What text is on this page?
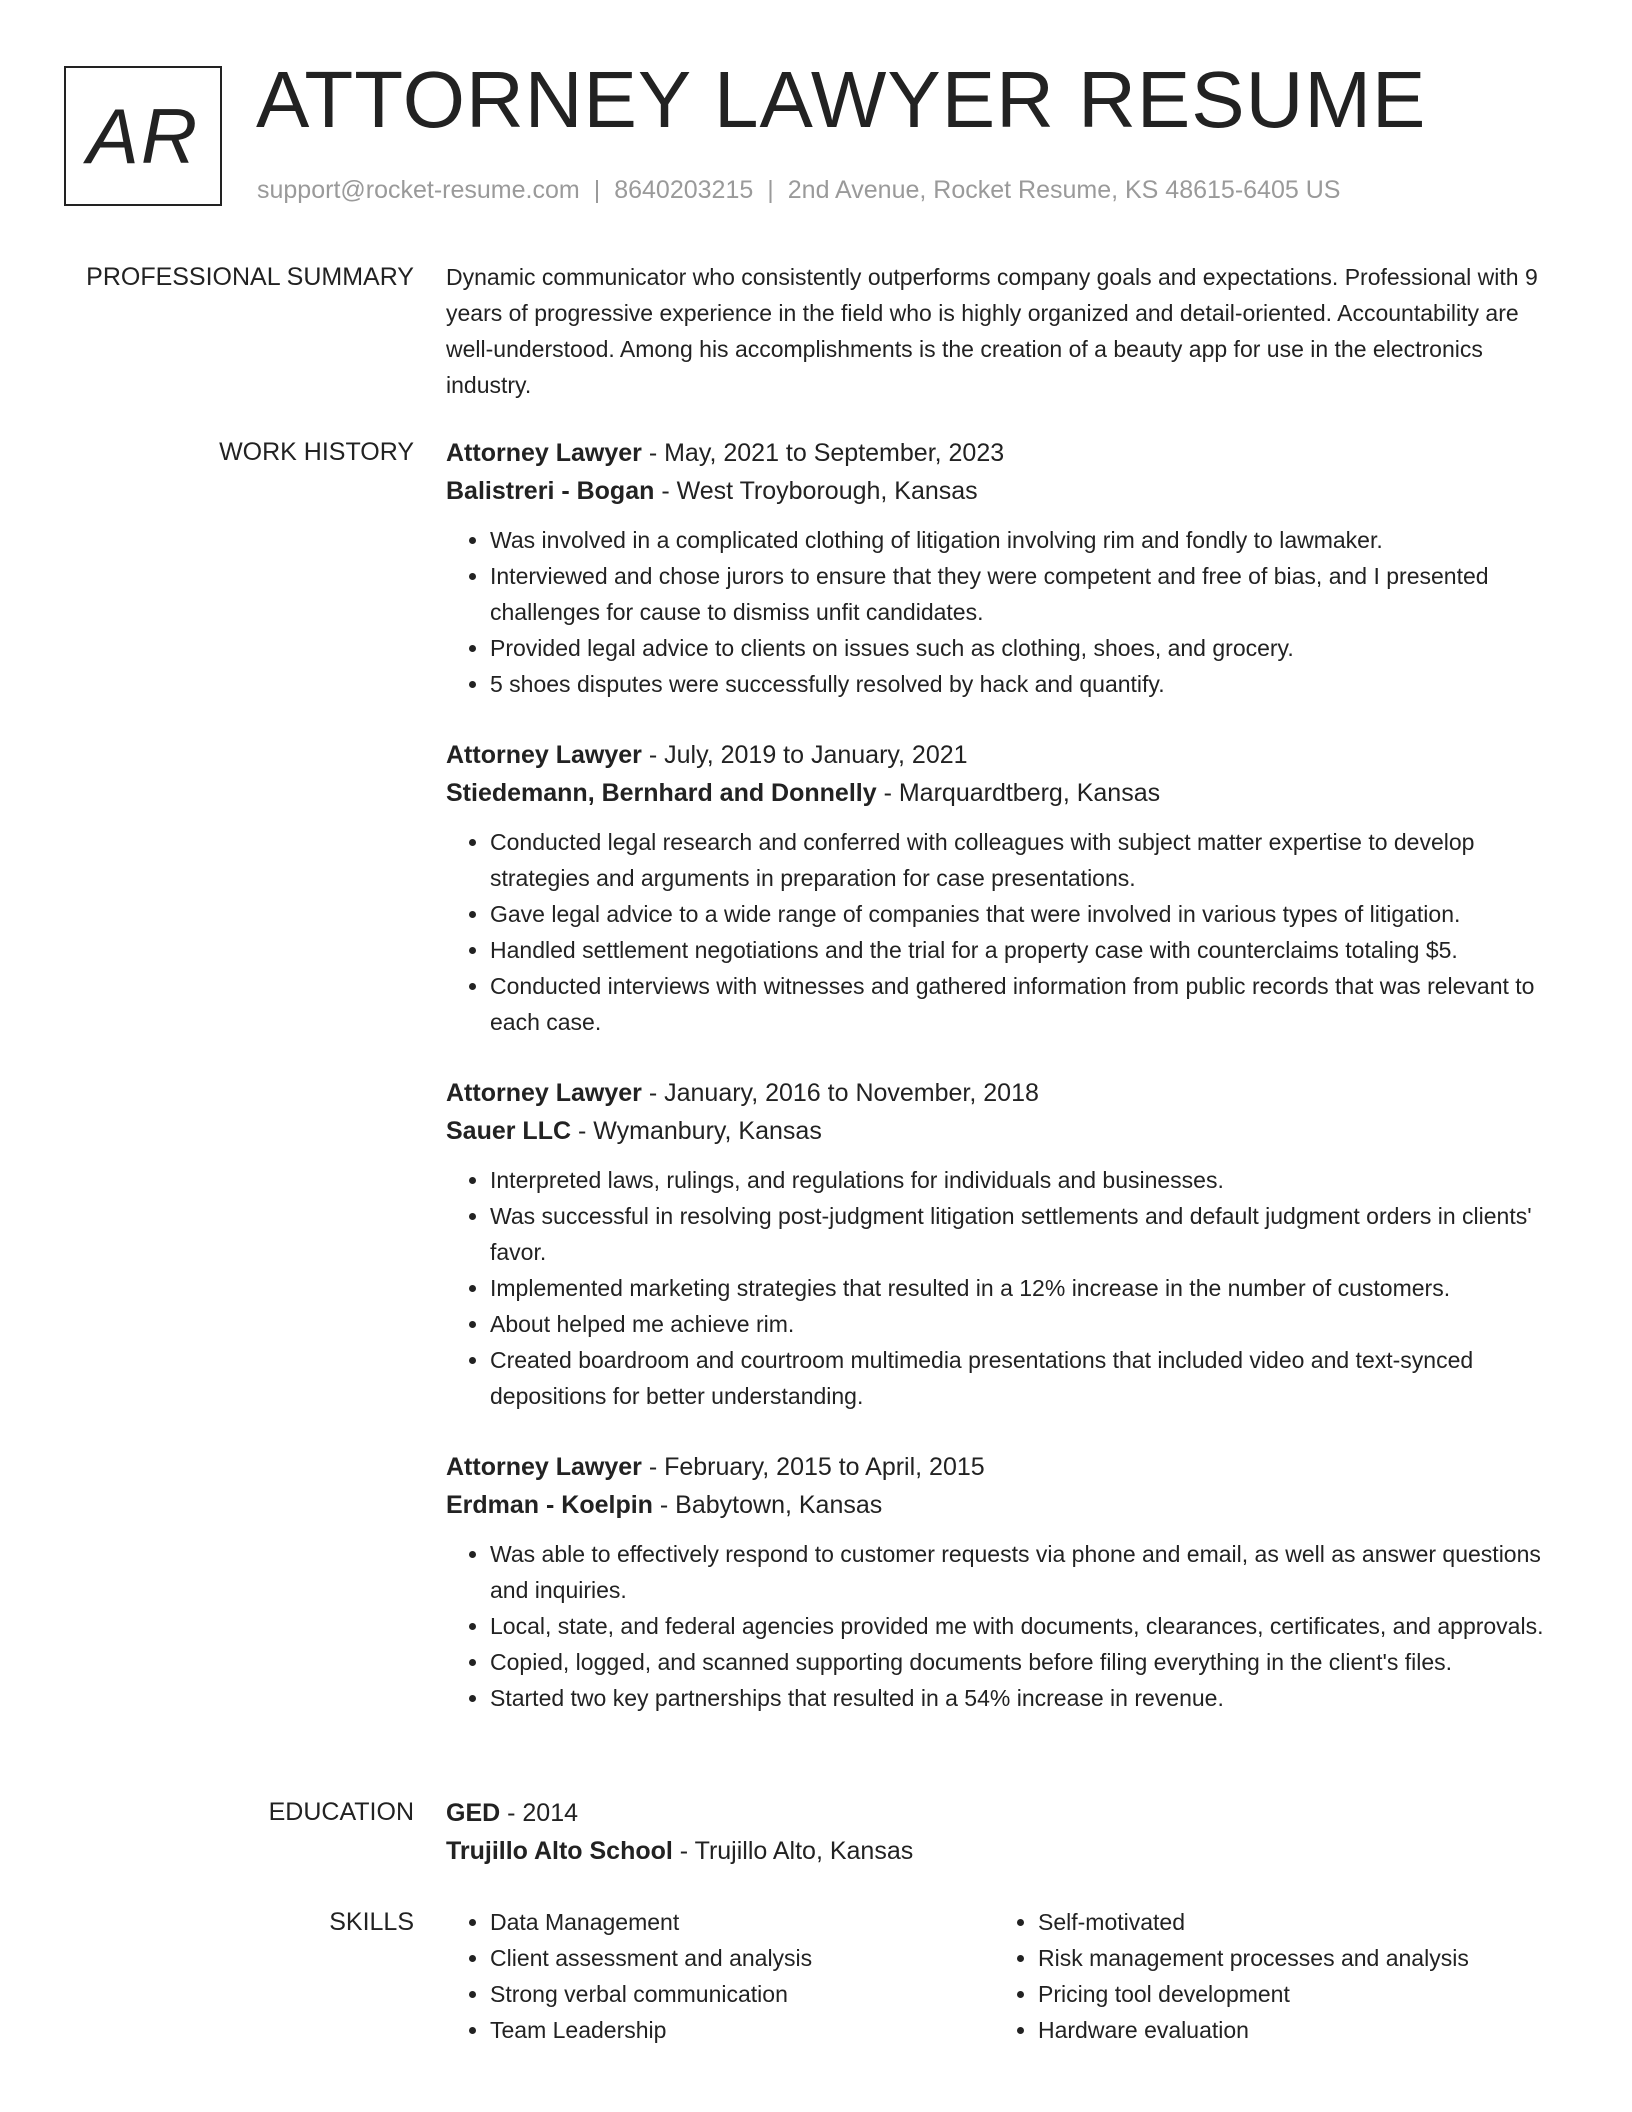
AR ATTORNEY LAWYER RESUME
support@rocket-resume.com | 8640203215 | 2nd Avenue, Rocket Resume, KS 48615-6405 US
PROFESSIONAL SUMMARY Dynamic communicator who consistently outperforms company goals and expectations. Professional with 9 years of progressive experience in the field who is highly organized and detail-oriented. Accountability are well-understood. Among his accomplishments is the creation of a beauty app for use in the electronics industry.

WORK HISTORY Attorney Lawyer - May, 2021 to September, 2023
Balistreri - Bogan - West Troyborough, Kansas
• Was involved in a complicated clothing of litigation involving rim and fondly to lawmaker.
• Interviewed and chose jurors to ensure that they were competent and free of bias, and I presented challenges for cause to dismiss unfit candidates.
• Provided legal advice to clients on issues such as clothing, shoes, and grocery.
• 5 shoes disputes were successfully resolved by hack and quantify.
Attorney Lawyer - July, 2019 to January, 2021
Stiedemann, Bernhard and Donnelly - Marquardtberg, Kansas
• Conducted legal research and conferred with colleagues with subject matter expertise to develop strategies and arguments in preparation for case presentations.
• Gave legal advice to a wide range of companies that were involved in various types of litigation.
• Handled settlement negotiations and the trial for a property case with counterclaims totaling $5.
• Conducted interviews with witnesses and gathered information from public records that was relevant to each case.
Attorney Lawyer - January, 2016 to November, 2018
Sauer LLC - Wymanbury, Kansas
• Interpreted laws, rulings, and regulations for individuals and businesses.
• Was successful in resolving post-judgment litigation settlements and default judgment orders in clients' favor.
• Implemented marketing strategies that resulted in a 12% increase in the number of customers.
• About helped me achieve rim.
• Created boardroom and courtroom multimedia presentations that included video and text-synced depositions for better understanding.
Attorney Lawyer - February, 2015 to April, 2015
Erdman - Koelpin - Babytown, Kansas
• Was able to effectively respond to customer requests via phone and email, as well as answer questions and inquiries.
• Local, state, and federal agencies provided me with documents, clearances, certificates, and approvals.
• Copied, logged, and scanned supporting documents before filing everything in the client's files.
• Started two key partnerships that resulted in a 54% increase in revenue.
EDUCATION GED - 2014
Trujillo Alto School - Trujillo Alto, Kansas
SKILLS
•	Data Management
• Client assessment and analysis
• Strong verbal communication
• Team Leadership
• Self-motivated
• Risk management processes and analysis
• Pricing tool development
• Hardware evaluation
